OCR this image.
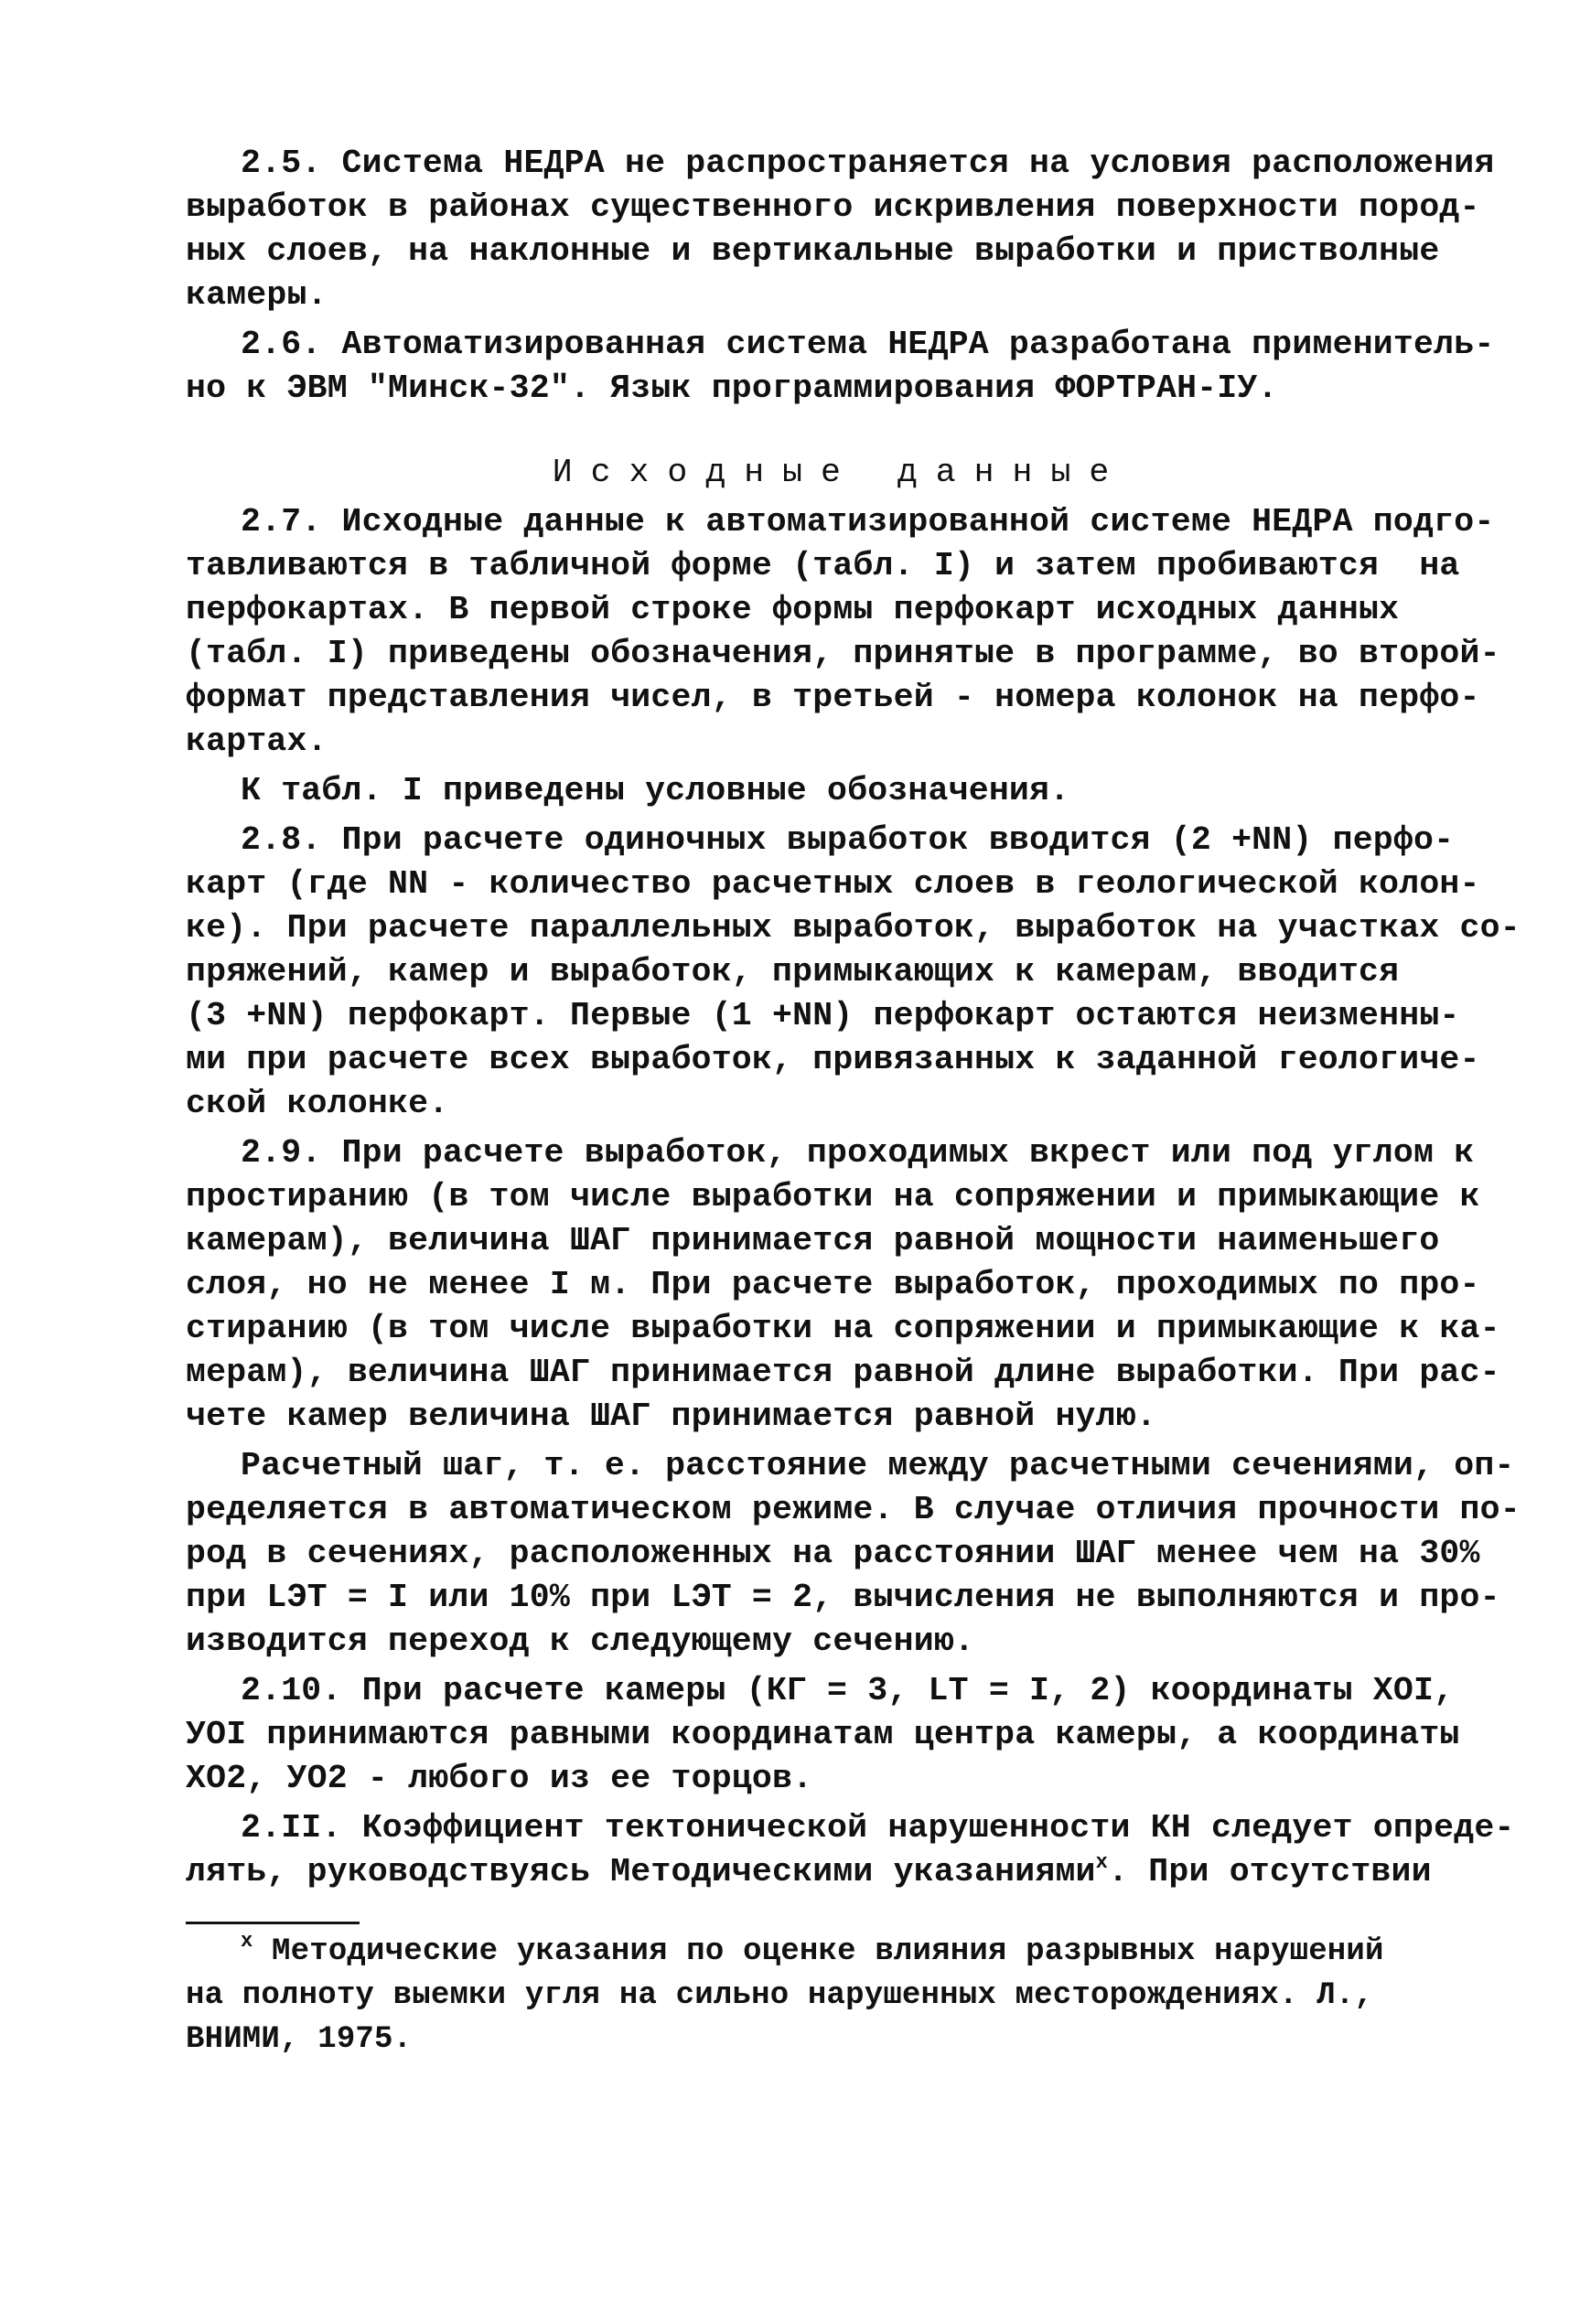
2.5. Система НЕДРА не распространяется на условия расположения
выработок в районах существенного искривления поверхности пород-
ных слоев, на наклонные и вертикальные выработки и пристволные
камеры.
2.6. Автоматизированная система НЕДРА разработана применитель-
но к ЭВМ "Минск-32". Язык программирования ФОРТРАН-IУ.
Исходные данные
2.7. Исходные данные к автоматизированной системе НЕДРА подго-
тавливаются в табличной форме (табл. I) и затем пробиваются  на
перфокартах. В первой строке формы перфокарт исходных данных
(табл. I) приведены обозначения, принятые в программе, во второй-
формат представления чисел, в третьей - номера колонок на перфо-
картах.
К табл. I приведены условные обозначения.
2.8. При расчете одиночных выработок вводится (2 +NN) перфо-
карт (где NN - количество расчетных слоев в геологической колон-
ке). При расчете параллельных выработок, выработок на участках со-
пряжений, камер и выработок, примыкающих к камерам, вводится
(3 +NN) перфокарт. Первые (1 +NN) перфокарт остаются неизменны-
ми при расчете всех выработок, привязанных к заданной геологиче-
ской колонке.
2.9. При расчете выработок, проходимых вкрест или под углом к
простиранию (в том числе выработки на сопряжении и примыкающие к
камерам), величина ШАГ принимается равной мощности наименьшего
слоя, но не менее I м. При расчете выработок, проходимых по про-
стиранию (в том числе выработки на сопряжении и примыкающие к ка-
мерам), величина ШАГ принимается равной длине выработки. При рас-
чете камер величина ШАГ принимается равной нулю.
Расчетный шаг, т. е. расстояние между расчетными сечениями, оп-
ределяется в автоматическом режиме. В случае отличия прочности по-
род в сечениях, расположенных на расстоянии ШАГ менее чем на 30%
при LЭТ = I или 10% при LЭТ = 2, вычисления не выполняются и про-
изводится переход к следующему сечению.
2.10. При расчете камеры (КГ = 3, LT = I, 2) координаты ХОI,
УОI принимаются равными координатам центра камеры, а координаты
ХО2, УО2 - любого из ее торцов.
2.II. Коэффициент тектонической нарушенности КН следует опреде-
лять, руководствуясь Методическими указаниями$^x$. При отсутствии
$^x$ Методические указания по оценке влияния разрывных нарушений
на полноту выемки угля на сильно нарушенных месторождениях. Л.,
ВНИМИ, 1975.
